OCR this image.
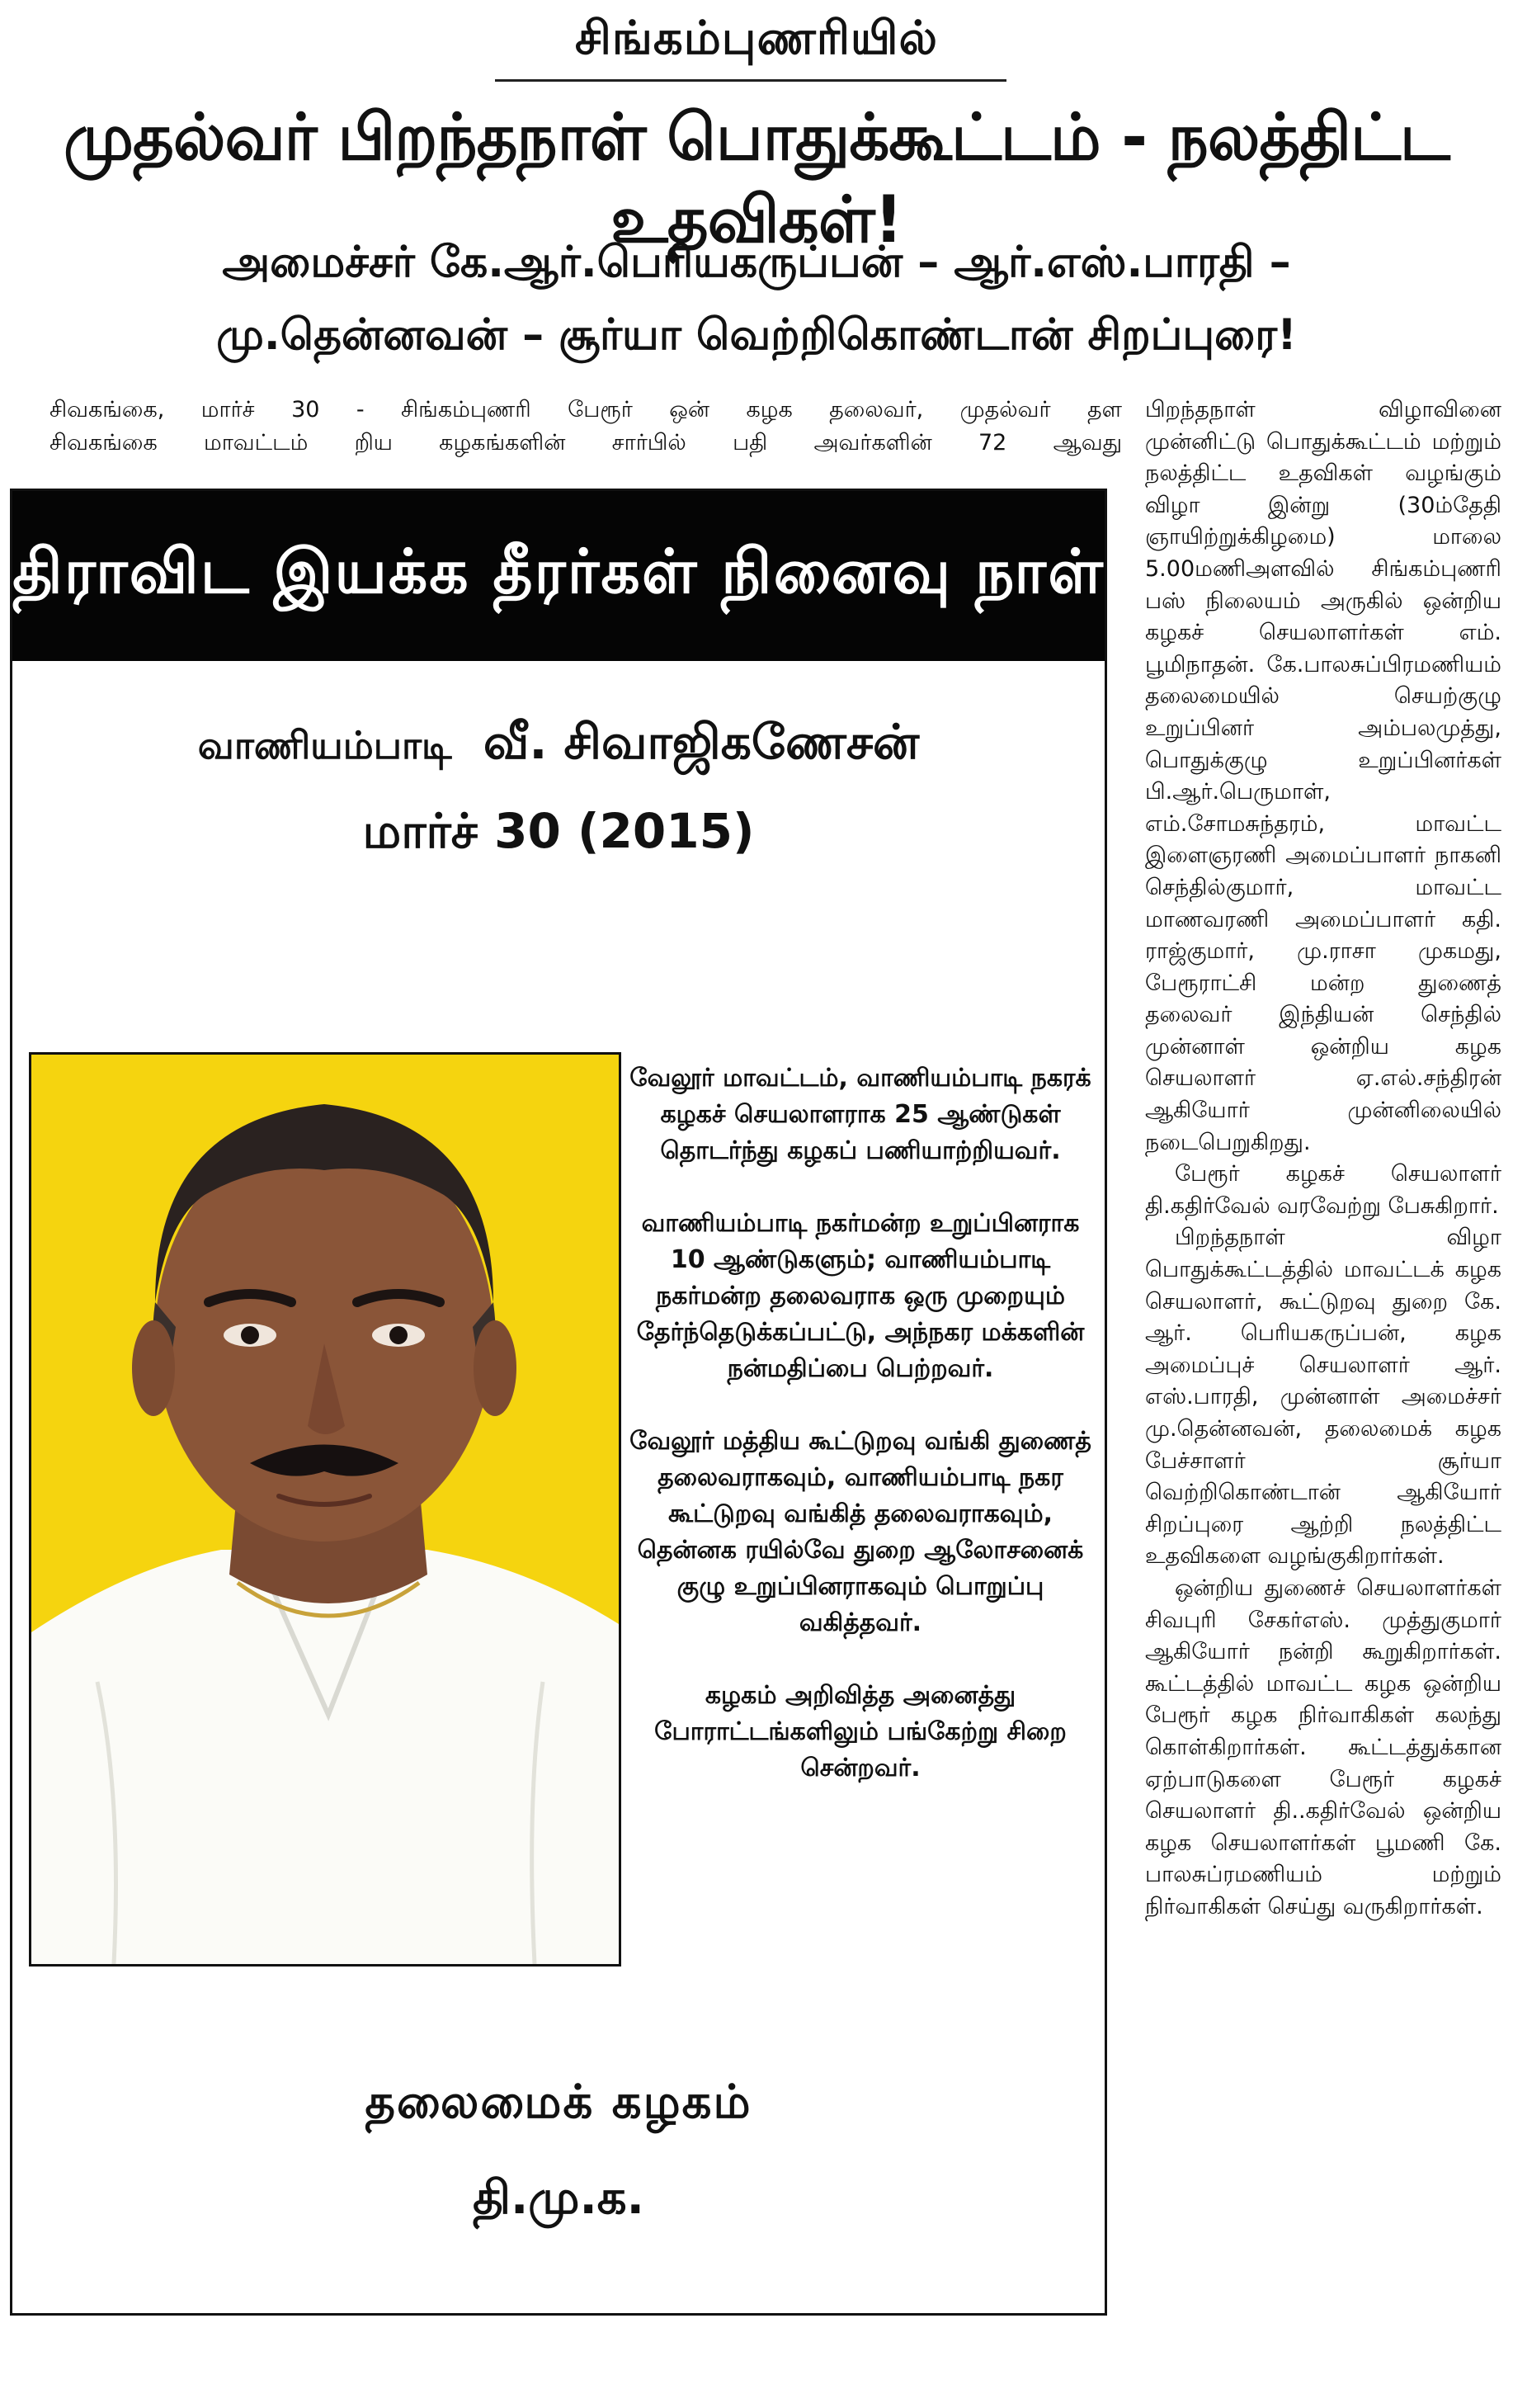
சிங்கம்புணரியில்
முதல்வர் பிறந்தநாள் பொதுக்கூட்டம் - நலத்திட்ட உதவிகள்!
அமைச்சர் கே.ஆர்.பெரியகருப்பன் – ஆர்.எஸ்.பாரதி –
மு.தென்னவன் – சூர்யா வெற்றிகொண்டான் சிறப்புரை!
சிவகங்கை, மார்ச் 30 - சிங்கம்புணரி பேரூர் ஒன் கழக தலைவர், முதல்வர் தள
சிவகங்கை மாவட்டம் றிய கழகங்களின் சார்பில் பதி அவர்களின் 72 ஆவது

பிறந்தநாள் விழாவினை முன்னிட்டு பொதுக்கூட்டம் மற்றும் நலத்திட்ட உதவிகள் வழங்கும் விழா இன்று (30ம்தேதி ஞாயிற்றுக்கிழமை) மாலை 5.00மணிஅளவில் சிங்கம்புணரி பஸ் நிலையம் அருகில் ஒன்றிய கழகச் செயலாளர்கள் எம். பூமிநாதன். கே.பாலசுப்பிரமணியம் தலைமையில் செயற்குழு உறுப்பினர் அம்பலமுத்து, பொதுக்குழு உறுப்பினர்கள் பி.ஆர்.பெருமாள், எம்.சோமசுந்தரம், மாவட்ட இளைஞரணி அமைப்பாளர் நாகனி செந்தில்குமார், மாவட்ட மாணவரணி அமைப்பாளர் கதி. ராஜ்குமார், மு.ராசா முகமது, பேரூராட்சி மன்ற துணைத் தலைவர் இந்தியன் செந்தில் முன்னாள் ஒன்றிய கழக செயலாளர் ஏ.எல்.சந்திரன் ஆகியோர் முன்னிலையில் நடைபெறுகிறது.

பேரூர் கழகச் செயலாளர் தி.கதிர்வேல் வரவேற்று பேசுகிறார்.

பிறந்தநாள் விழா பொதுக்கூட்டத்தில் மாவட்டக் கழக செயலாளர், கூட்டுறவு துறை கே. ஆர். பெரியகருப்பன், கழக அமைப்புச் செயலாளர் ஆர். எஸ்.பாரதி, முன்னாள் அமைச்சர் மு.தென்னவன், தலைமைக் கழக பேச்சாளர் சூர்யா வெற்றிகொண்டான் ஆகியோர் சிறப்புரை ஆற்றி நலத்திட்ட உதவிகளை வழங்குகிறார்கள்.

ஒன்றிய துணைச் செயலாளர்கள் சிவபுரி சேகர்எஸ். முத்துகுமார் ஆகியோர் நன்றி கூறுகிறார்கள். கூட்டத்தில் மாவட்ட கழக ஒன்றிய பேரூர் கழக நிர்வாகிகள் கலந்து கொள்கிறார்கள். கூட்டத்துக்கான ஏற்பாடுகளை பேரூர் கழகச் செயலாளர் தி..கதிர்வேல் ஒன்றிய கழக செயலாளர்கள் பூமணி கே. பாலசுப்ரமணியம் மற்றும் நிர்வாகிகள் செய்து வருகிறார்கள்.

திராவிட இயக்க தீரர்கள் நினைவு நாள்
வாணியம்பாடி வீ. சிவாஜிகணேசன்
மார்ச் 30 (2015)

வேலூர் மாவட்டம், வாணியம்பாடி நகரக் கழகச் செயலாளராக 25 ஆண்டுகள் தொடர்ந்து கழகப் பணியாற்றியவர்.

வாணியம்பாடி நகர்மன்ற உறுப்பினராக 10 ஆண்டுகளும்; வாணியம்பாடி நகர்மன்ற தலைவராக ஒரு முறையும் தேர்ந்தெடுக்கப்பட்டு, அந்நகர மக்களின் நன்மதிப்பை பெற்றவர்.

வேலூர் மத்திய கூட்டுறவு வங்கி துணைத் தலைவராகவும், வாணியம்பாடி நகர கூட்டுறவு வங்கித் தலைவராகவும், தென்னக ரயில்வே துறை ஆலோசனைக் குழு உறுப்பினராகவும் பொறுப்பு வகித்தவர்.

கழகம் அறிவித்த அனைத்து போராட்டங்களிலும் பங்கேற்று சிறை சென்றவர்.

தலைமைக் கழகம்
தி.மு.க.
